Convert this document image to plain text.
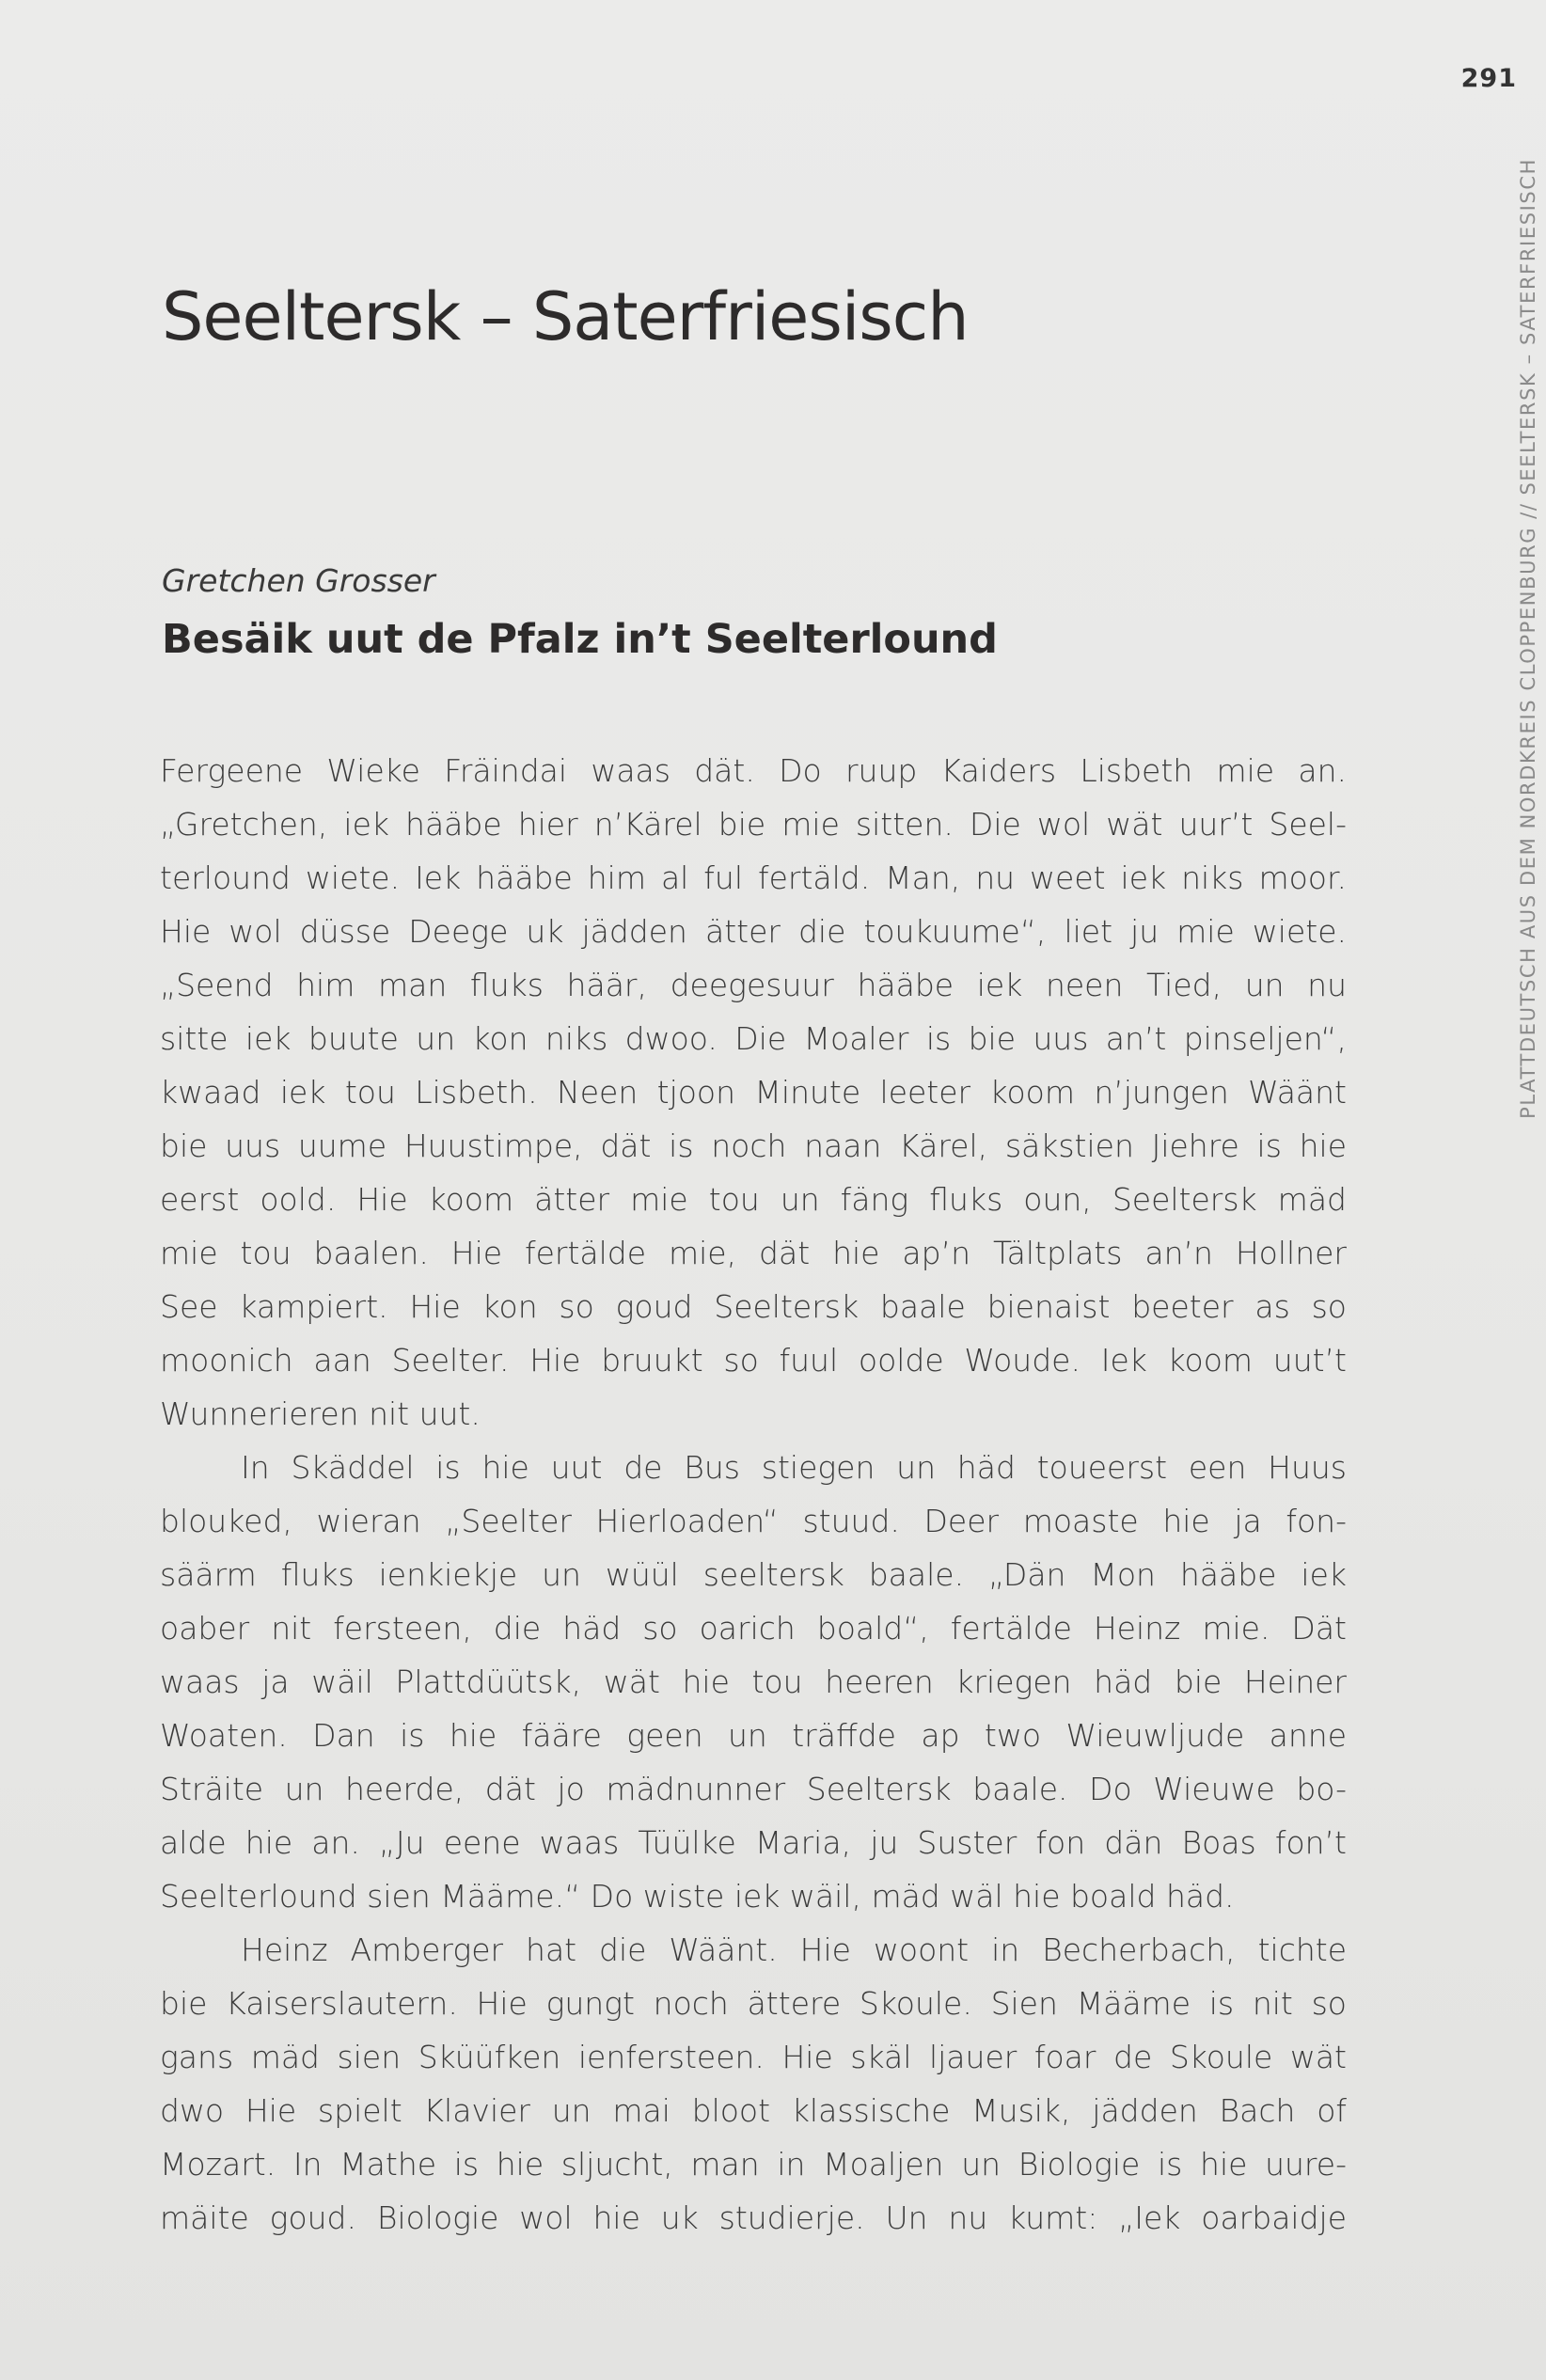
291
PLATTDEUTSCH AUS DEM NORDKREIS CLOPPENBURG//SEELTERSK – SATERFRIESISCH
Seeltersk – Saterfriesisch

Gretchen Grosser

Besäik uut de Pfalz in’t Seelterlound
Fergeene Wieke Fräindai waas dät. Do ruup Kaiders Lisbeth mie an.
„Gretchen, iek hääbe hier n’Kärel bie mie sitten. Die wol wät uur’t Seel-
terlound wiete. Iek hääbe him al ful fertäld. Man, nu weet iek niks moor.
Hie wol düsse Deege uk jädden ätter die toukuume“, liet ju mie wiete.
„Seend him man fluks häär, deegesuur hääbe iek neen Tied, un nu
sitte iek buute un kon niks dwoo. Die Moaler is bie uus an’t pinseljen“,
kwaad iek tou Lisbeth. Neen tjoon Minute leeter koom n’jungen Wäänt
bie uus uume Huustimpe, dät is noch naan Kärel, säkstien Jiehre is hie
eerst oold. Hie koom ätter mie tou un fäng fluks oun, Seeltersk mäd
mie tou baalen. Hie fertälde mie, dät hie ap’n Tältplats an’n Hollner
See kampiert. Hie kon so goud Seeltersk baale bienaist beeter as so
moonich aan Seelter. Hie bruukt so fuul oolde Woude. Iek koom uut’t
Wunnerieren nit uut.
In Skäddel is hie uut de Bus stiegen un häd toueerst een Huus
blouked, wieran „Seelter Hierloaden“ stuud. Deer moaste hie ja fon-
säärm fluks ienkiekje un wüül seeltersk baale. „Dän Mon hääbe iek
oaber nit fersteen, die häd so oarich boald“, fertälde Heinz mie. Dät
waas ja wäil Plattdüütsk, wät hie tou heeren kriegen häd bie Heiner
Woaten. Dan is hie fääre geen un träffde ap two Wieuwljude anne
Sträite un heerde, dät jo mädnunner Seeltersk baale. Do Wieuwe bo-
alde hie an. „Ju eene waas Tüülke Maria, ju Suster fon dän Boas fon’t
Seelterlound sien Määme.“ Do wiste iek wäil, mäd wäl hie boald häd.
Heinz Amberger hat die Wäänt. Hie woont in Becherbach, tichte
bie Kaiserslautern. Hie gungt noch ättere Skoule. Sien Määme is nit so
gans mäd sien Sküüfken ienfersteen. Hie skäl ljauer foar de Skoule wät
dwo Hie spielt Klavier un mai bloot klassische Musik, jädden Bach of
Mozart. In Mathe is hie sljucht, man in Moaljen un Biologie is hie uure-
mäite goud. Biologie wol hie uk studierje. Un nu kumt: „Iek oarbaidje
